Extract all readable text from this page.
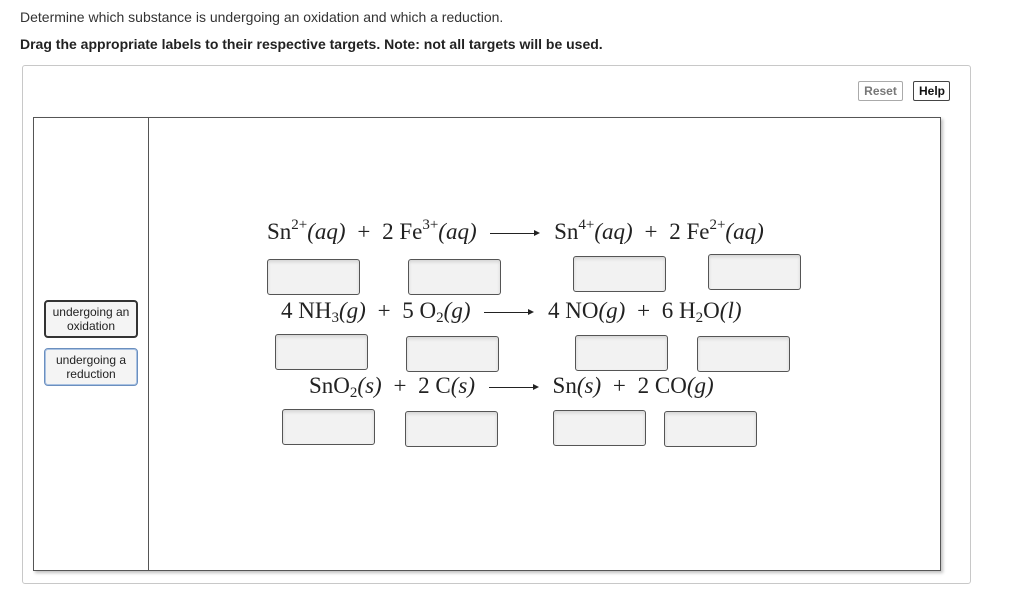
Determine which substance is undergoing an oxidation and which a reduction.
Drag the appropriate labels to their respective targets. Note: not all targets will be used.
Reset	Help
undergoing an
oxidation
undergoing a
reduction
$Sn^{2+}(aq) + 2$ $Fe^{3+}(aq)$	$Sn^{4+}(aq) + 2$ $Fe^{2+}(aq)$
4 $NH_3(g) + 5$ $O_2(g)$	4 NO(g) + 6 $H_2O(l)$
SnO$_2$(s) + 2 C(s)	Sn(s) + 2 CO(g)
